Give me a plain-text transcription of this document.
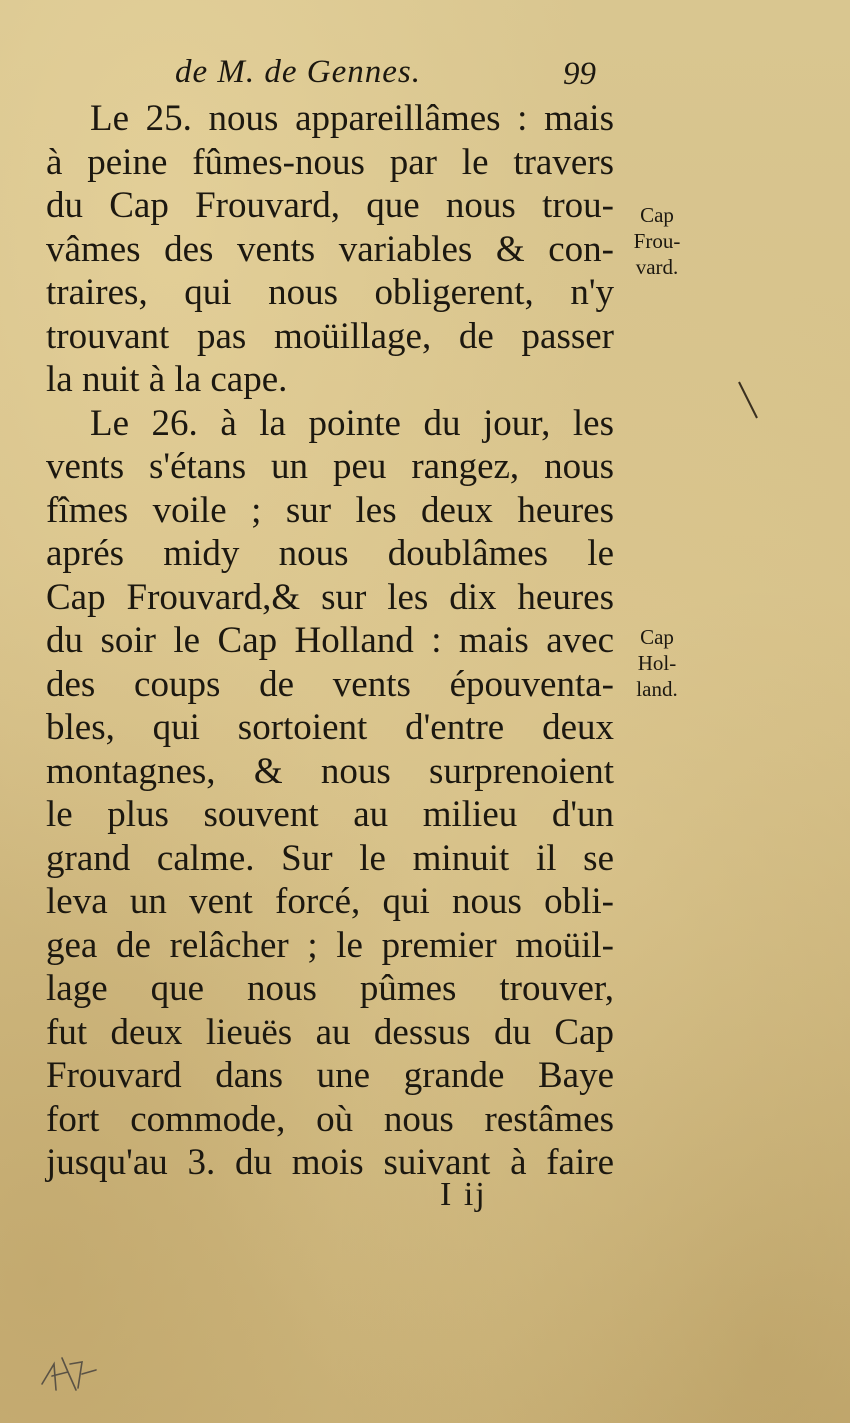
de M. de Gennes.	99
Le 25. nous appareillâmes : mais
à peine fûmes-nous par le travers
du Cap Frouvard, que nous trou-
vâmes des vents variables & con-
traires, qui nous obligerent, n'y
trouvant pas moüillage, de passer
la nuit à la cape.
Le 26. à la pointe du jour, les
vents s'étans un peu rangez, nous
fîmes voile ; sur les deux heures
aprés midy nous doublâmes le
Cap Frouvard,& sur les dix heures
du soir le Cap Holland : mais avec
des coups de vents épouventa-
bles, qui sortoient d'entre deux
montagnes, & nous surprenoient
le plus souvent au milieu d'un
grand calme. Sur le minuit il se
leva un vent forcé, qui nous obli-
gea de relâcher ; le premier moüil-
lage que nous pûmes trouver,
fut deux lieuës au dessus du Cap
Frouvard dans une grande Baye
fort commode, où nous restâmes
jusqu'au 3. du mois suivant à faire
Cap
Frou-
vard.
Cap
Hol-
land.
I ij
